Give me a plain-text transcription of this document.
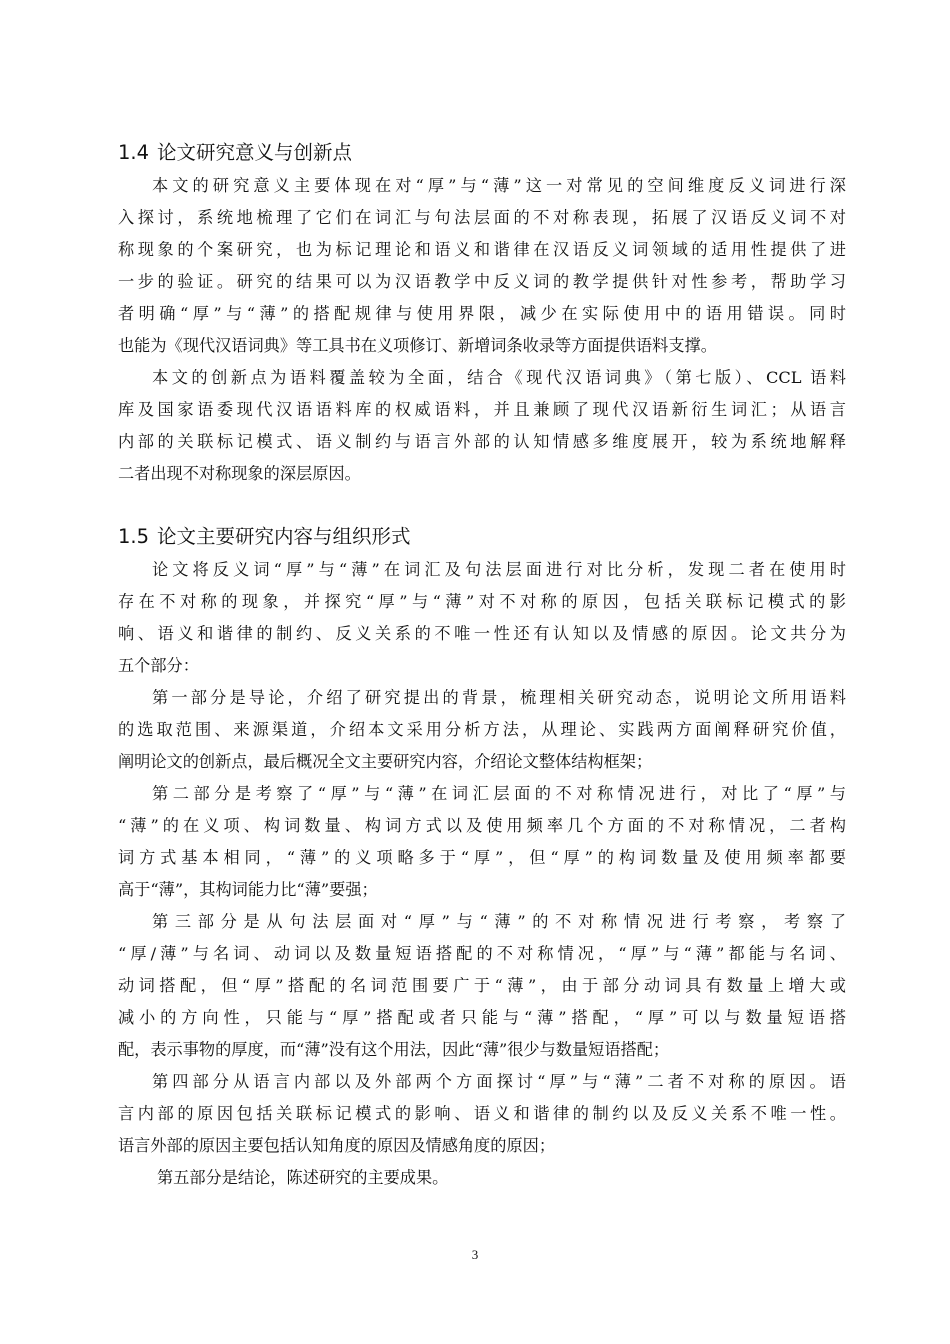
1.4 论文研究意义与创新点
本文的研究意义主要体现在对“厚”与“薄”这一对常见的空间维度反义词进行深
入探讨，系统地梳理了它们在词汇与句法层面的不对称表现，拓展了汉语反义词不对
称现象的个案研究，也为标记理论和语义和谐律在汉语反义词领域的适用性提供了进
一步的验证。研究的结果可以为汉语教学中反义词的教学提供针对性参考，帮助学习
者明确“厚”与“薄”的搭配规律与使用界限，减少在实际使用中的语用错误。同时
也能为《现代汉语词典》等工具书在义项修订、新增词条收录等方面提供语料支撑。
本文的创新点为语料覆盖较为全面，结合《现代汉语词典》（第七版）、CCL 语料
库及国家语委现代汉语语料库的权威语料，并且兼顾了现代汉语新衍生词汇；从语言
内部的关联标记模式、语义制约与语言外部的认知情感多维度展开，较为系统地解释
二者出现不对称现象的深层原因。
1.5 论文主要研究内容与组织形式
论文将反义词“厚”与“薄”在词汇及句法层面进行对比分析，发现二者在使用时
存在不对称的现象，并探究“厚”与“薄”对不对称的原因，包括关联标记模式的影
响、语义和谐律的制约、反义关系的不唯一性还有认知以及情感的原因。论文共分为
五个部分：
第一部分是导论，介绍了研究提出的背景，梳理相关研究动态，说明论文所用语料
的选取范围、来源渠道，介绍本文采用分析方法，从理论、实践两方面阐释研究价值，
阐明论文的创新点，最后概况全文主要研究内容，介绍论文整体结构框架；
第二部分是考察了“厚”与“薄”在词汇层面的不对称情况进行，对比了“厚”与
“薄”的在义项、构词数量、构词方式以及使用频率几个方面的不对称情况，二者构
词方式基本相同，“薄”的义项略多于“厚”，但“厚”的构词数量及使用频率都要
高于“薄”，其构词能力比“薄”要强；
第三部分是从句法层面对“厚”与“薄”的不对称情况进行考察，考察了
“厚/薄”与名词、动词以及数量短语搭配的不对称情况，“厚”与“薄”都能与名词、
动词搭配，但“厚”搭配的名词范围要广于“薄”，由于部分动词具有数量上增大或
减小的方向性，只能与“厚”搭配或者只能与“薄”搭配，“厚”可以与数量短语搭
配，表示事物的厚度，而“薄”没有这个用法，因此“薄”很少与数量短语搭配；
第四部分从语言内部以及外部两个方面探讨“厚”与“薄”二者不对称的原因。语
言内部的原因包括关联标记模式的影响、语义和谐律的制约以及反义关系不唯一性。
语言外部的原因主要包括认知角度的原因及情感角度的原因；
第五部分是结论，陈述研究的主要成果。
3
